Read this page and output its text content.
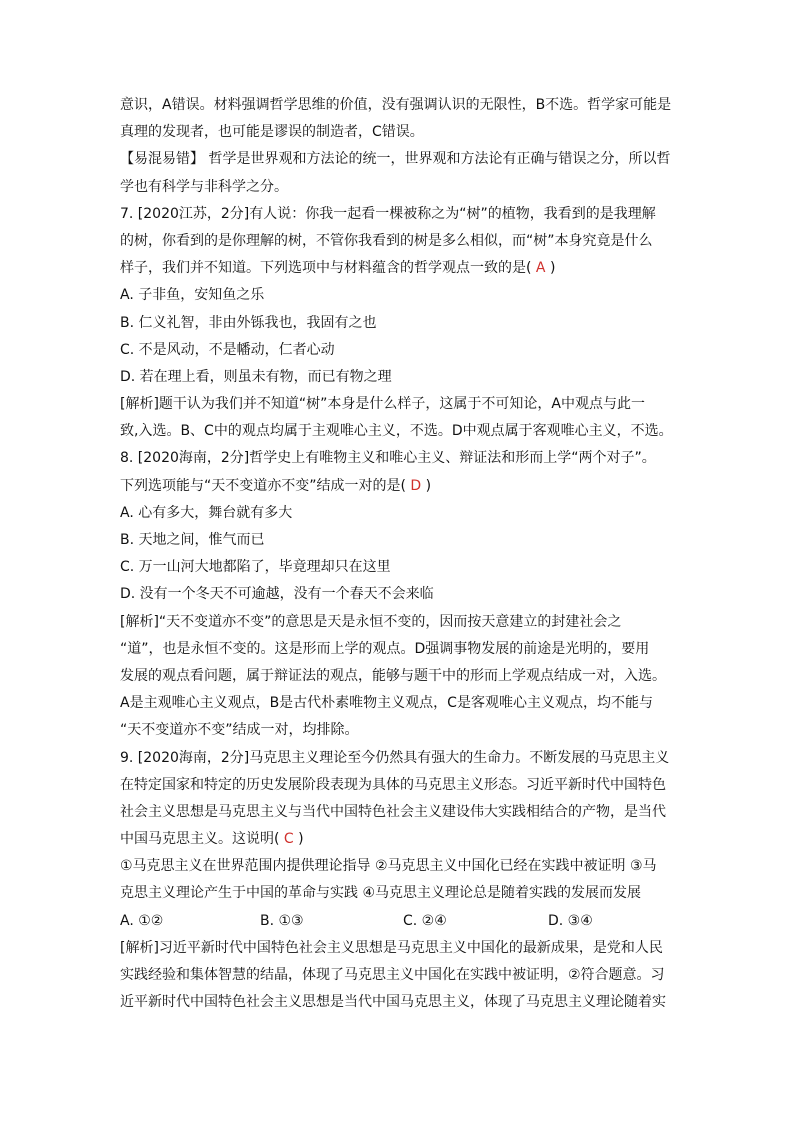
意识，A错误。材料强调哲学思维的价值，没有强调认识的无限性，B不选。哲学家可能是
真理的发现者，也可能是谬误的制造者，C错误。
【易混易错】 哲学是世界观和方法论的统一，世界观和方法论有正确与错误之分，所以哲
学也有科学与非科学之分。
7. [2020江苏，2分]有人说：你我一起看一棵被称之为“树”的植物，我看到的是我理解
的树，你看到的是你理解的树，不管你我看到的树是多么相似，而“树”本身究竟是什么
样子，我们并不知道。下列选项中与材料蕴含的哲学观点一致的是( A )
A. 子非鱼，安知鱼之乐
B. 仁义礼智，非由外铄我也，我固有之也
C. 不是风动，不是幡动，仁者心动
D. 若在理上看，则虽未有物，而已有物之理
[解析]题干认为我们并不知道“树”本身是什么样子，这属于不可知论，A中观点与此一
致,入选。B、C中的观点均属于主观唯心主义，不选。D中观点属于客观唯心主义，不选。
8. [2020海南，2分]哲学史上有唯物主义和唯心主义、辩证法和形而上学“两个对子”。
下列选项能与“天不变道亦不变”结成一对的是( D )
A. 心有多大，舞台就有多大
B. 天地之间，惟气而已
C. 万一山河大地都陷了，毕竟理却只在这里
D. 没有一个冬天不可逾越，没有一个春天不会来临
[解析]“天不变道亦不变”的意思是天是永恒不变的，因而按天意建立的封建社会之
“道”，也是永恒不变的。这是形而上学的观点。D强调事物发展的前途是光明的，要用
发展的观点看问题，属于辩证法的观点，能够与题干中的形而上学观点结成一对，入选。
A是主观唯心主义观点，B是古代朴素唯物主义观点，C是客观唯心主义观点，均不能与
“天不变道亦不变”结成一对，均排除。
9. [2020海南，2分]马克思主义理论至今仍然具有强大的生命力。不断发展的马克思主义
在特定国家和特定的历史发展阶段表现为具体的马克思主义形态。习近平新时代中国特色
社会主义思想是马克思主义与当代中国特色社会主义建设伟大实践相结合的产物，是当代
中国马克思主义。这说明( C )
①马克思主义在世界范围内提供理论指导 ②马克思主义中国化已经在实践中被证明 ③马
克思主义理论产生于中国的革命与实践 ④马克思主义理论总是随着实践的发展而发展
A. ①②	B. ①③	C. ②④	D. ③④
[解析]习近平新时代中国特色社会主义思想是马克思主义中国化的最新成果，是党和人民
实践经验和集体智慧的结晶，体现了马克思主义中国化在实践中被证明，②符合题意。习
近平新时代中国特色社会主义思想是当代中国马克思主义，体现了马克思主义理论随着实
